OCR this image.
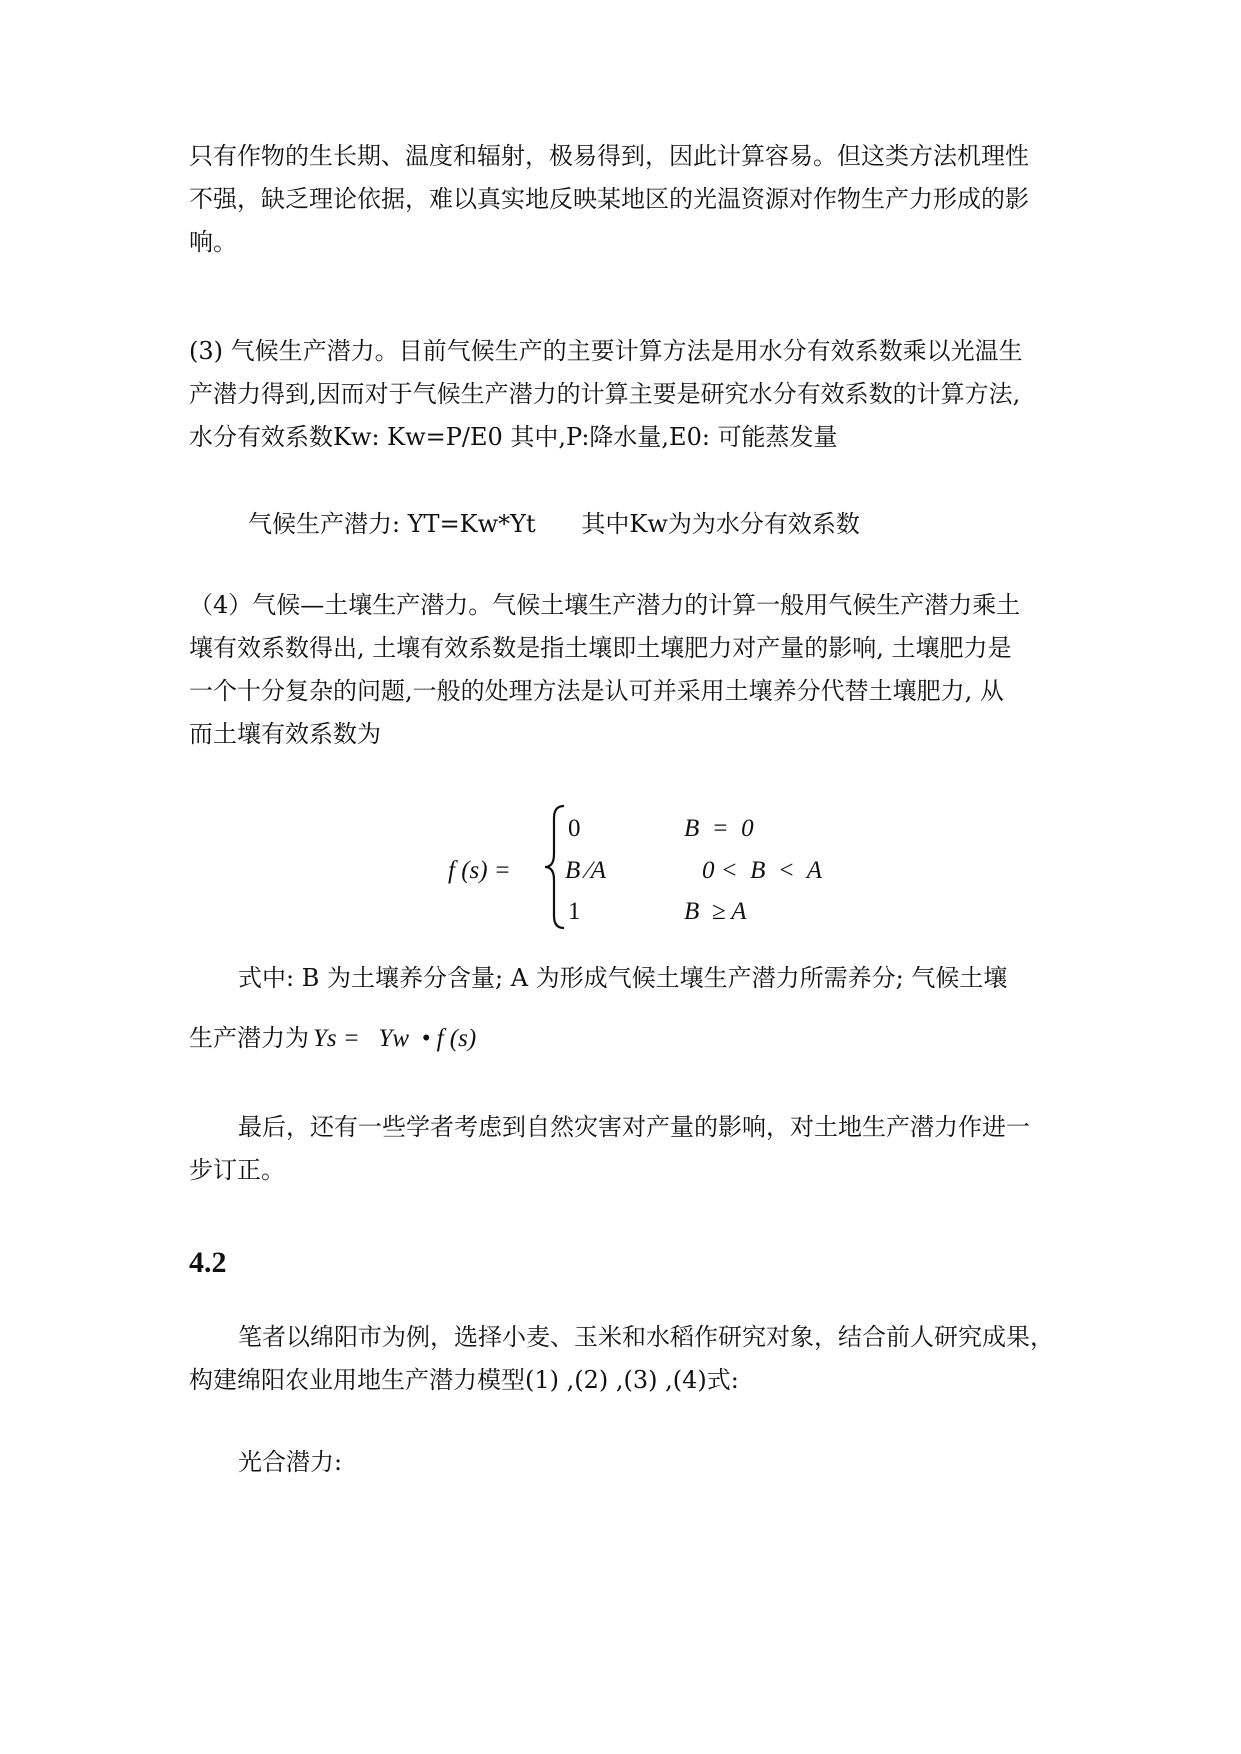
只有作物的生长期、温度和辐射，极易得到，因此计算容易。但这类方法机理性
不强，缺乏理论依据，难以真实地反映某地区的光温资源对作物生产力形成的影
响。
(3) 气候生产潜力。目前气候生产的主要计算方法是用水分有效系数乘以光温生
产潜力得到,因而对于气候生产潜力的计算主要是研究水分有效系数的计算方法,
水分有效系数Kw: Kw=P/E0 其中,P:降水量,E0: 可能蒸发量
气候生产潜力: YT=Kw*Yt      其中Kw为为水分有效系数
（4）气候—土壤生产潜力。气候土壤生产潜力的计算一般用气候生产潜力乘土
壤有效系数得出, 土壤有效系数是指土壤即土壤肥力对产量的影响, 土壤肥力是
一个十分复杂的问题,一般的处理方法是认可并采用土壤养分代替土壤肥力, 从
而土壤有效系数为
f (s) =
0	B  =  0
B ⁄A	0 <  B  <  A
1	B  ≥ A
式中: B 为土壤养分含量; A 为形成气候土壤生产潜力所需养分; 气候土壤
生产潜力为 Ys =   Yw  • f (s)
最后，还有一些学者考虑到自然灾害对产量的影响，对土地生产潜力作进一
步订正。
4.2
笔者以绵阳市为例，选择小麦、玉米和水稻作研究对象，结合前人研究成果，
构建绵阳农业用地生产潜力模型(1) ,(2) ,(3) ,(4)式:
光合潜力:
